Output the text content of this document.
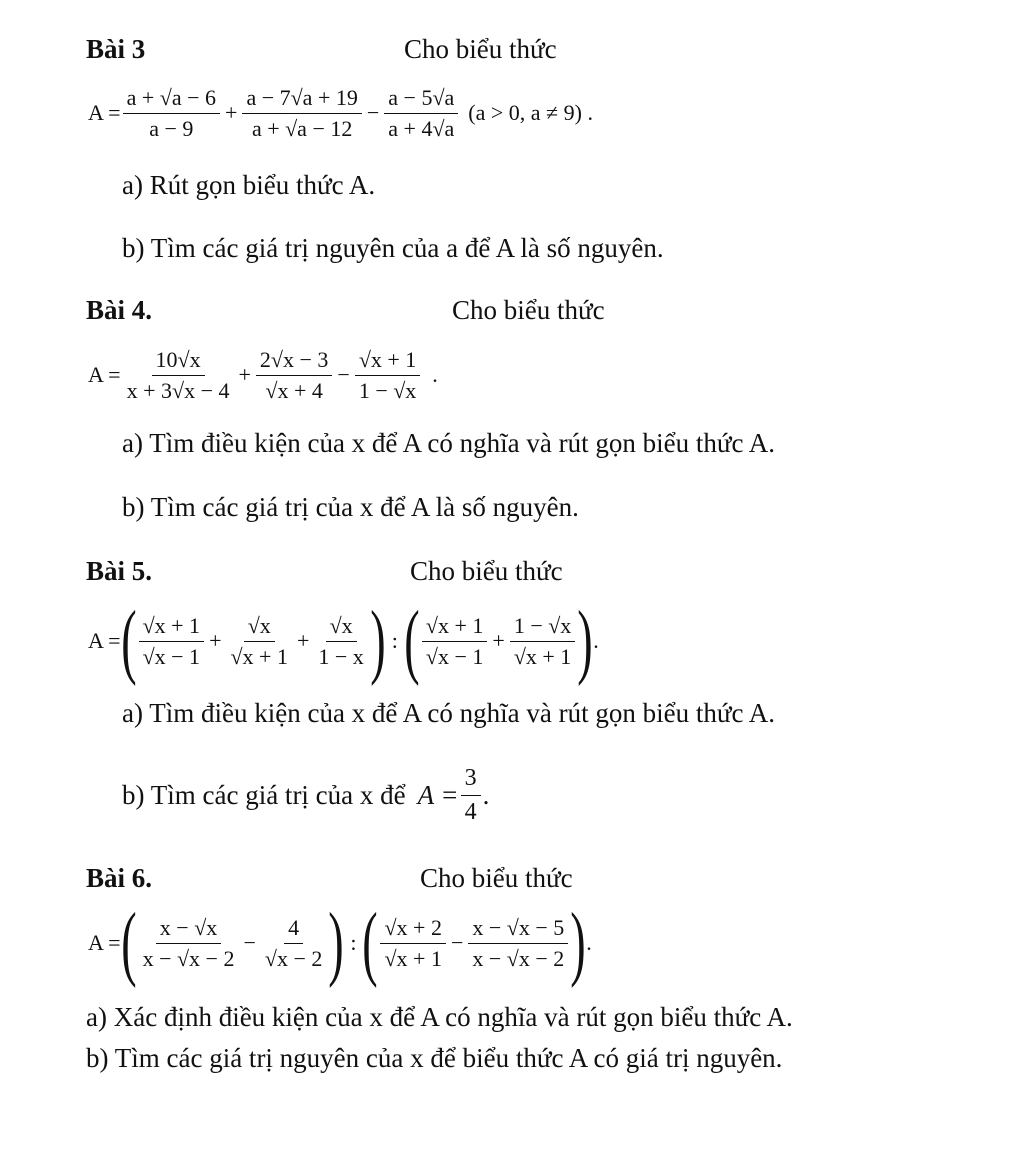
Bài 3	Cho biểu thức
$A = \frac{a + √a - 6}{a - 9} + \frac{a - 7√a + 19}{a + √a - 12} - \frac{a - 5√a}{a + 4√a} (a > 0$, a ≠ 9) .
a) Rút gọn biểu thức A.
b) Tìm các giá trị nguyên của a để A là số nguyên.
Bài 4.	Cho biểu thức
$A = \frac{10√x}{x + 3√x - 4} + \frac{2√x - 3}{√x + 4} - \frac{√x + 1}{1 - √x}$ .
a) Tìm điều kiện của x để A có nghĩa và rút gọn biểu thức A.
b) Tìm các giá trị của x để A là số nguyên.
Bài 5.	Cho biểu thức
A = ( $\frac{√x + 1}{√x - 1} + \frac{√x}{√x + 1} + \frac{√x}{1 - x}$ ) : ( $\frac{√x + 1}{√x - 1} + \frac{1 - √x}{√x + 1}$ ) .
a) Tìm điều kiện của x để A có nghĩa và rút gọn biểu thức A.
b) Tìm các giá trị của x để $A = \frac{3}{4}$ .
Bài 6.	Cho biểu thức
A = ( $\frac{x - √x}{x - √x - 2} - \frac{4}{√x - 2}$ ) : ( $\frac{√x + 2}{√x + 1} - \frac{x - √x - 5}{x - √x - 2}$ ) .
a) Xác định điều kiện của x để A có nghĩa và rút gọn biểu thức A.
b) Tìm các giá trị nguyên của x để biểu thức A có giá trị nguyên.
